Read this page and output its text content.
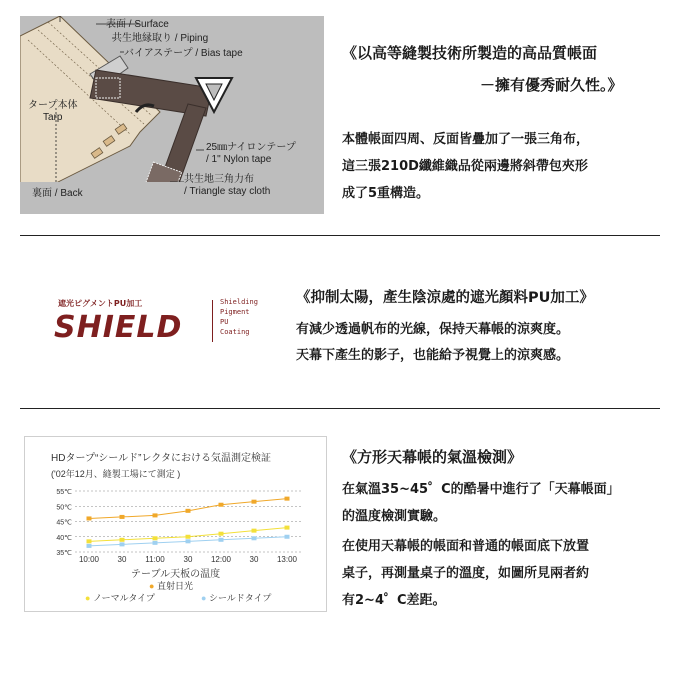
表面 / Surface
共生地縁取り / Piping
バイアステープ / Bias tape
タープ本体
Tarp
25㎜ナイロンテープ
/ 1" Nylon tape
共生地三角力布
/ Triangle stay cloth
裏面 / Back
《以高等縫製技術所製造的高品質帳面
－擁有優秀耐久性。》
本體帳面四周、反面皆疊加了一張三角布，
這三張210D纖維織品從兩邊將斜帶包夾形
成了5重構造。
遮光ピグメントPU加工
SHIELD
Shielding
Pigment
PU
Coating
《抑制太陽，產生陰涼處的遮光顏料PU加工》
有減少透過帆布的光線，保持天幕帳的涼爽度。
天幕下產生的影子，也能給予視覺上的涼爽感。
HDタープ“シールド”レクタにおける気温測定検証
('02年12月、縫製工場にて測定 )
35℃
40℃
45℃
50℃
55℃
10:00 30 11:00 30 12:00 30 13:00
テーブル天板の温度
● 直射日光
● ノーマルタイプ	● シールドタイプ
《方形天幕帳的氣溫檢測》
在氣溫35~45゜C的酷暑中進行了「天幕帳面」
的溫度檢測實驗。
在使用天幕帳的帳面和普通的帳面底下放置
桌子，再測量桌子的溫度，如圖所見兩者約
有2~4゜C差距。
